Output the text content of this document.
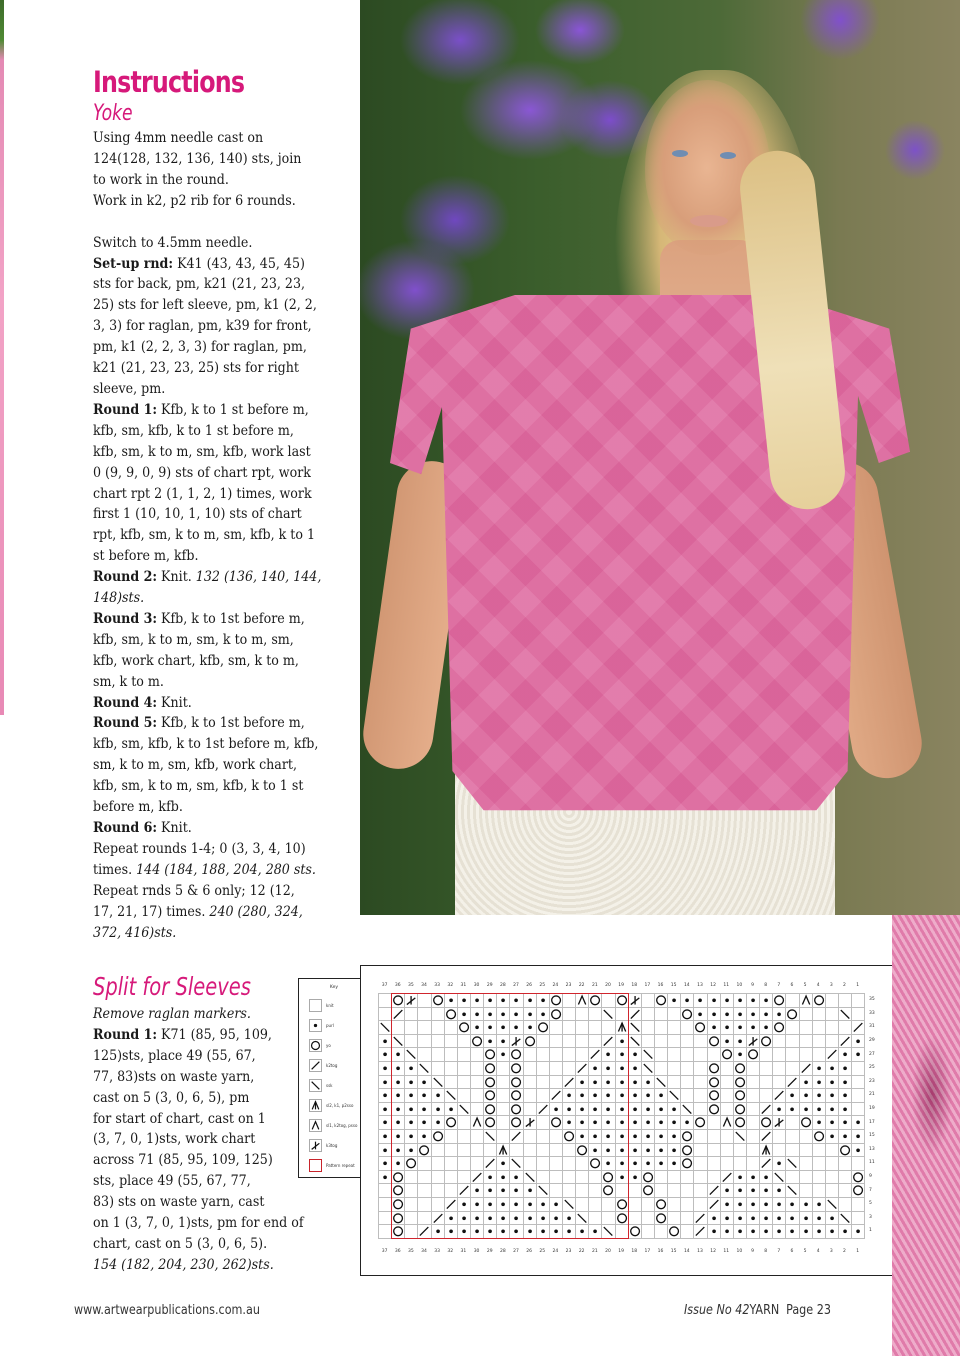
Instructions
Yoke
Using 4mm needle cast on
124(128, 132, 136, 140) sts, join
to work in the round.
Work in k2, p2 rib for 6 rounds.
Switch to 4.5mm needle.
Set-up rnd: K41 (43, 43, 45, 45)
sts for back, pm, k21 (21, 23, 23,
25) sts for left sleeve, pm, k1 (2, 2,
3, 3) for raglan, pm, k39 for front,
pm, k1 (2, 2, 3, 3) for raglan, pm,
k21 (21, 23, 23, 25) sts for right
sleeve, pm.
Round 1: Kfb, k to 1 st before m,
kfb, sm, kfb, k to 1 st before m,
kfb, sm, k to m, sm, kfb, work last
0 (9, 9, 0, 9) sts of chart rpt, work
chart rpt 2 (1, 1, 2, 1) times, work
first 1 (10, 10, 1, 10) sts of chart
rpt, kfb, sm, k to m, sm, kfb, k to 1
st before m, kfb.
Round 2: Knit. 132 (136, 140, 144,
148)sts.
Round 3: Kfb, k to 1st before m,
kfb, sm, k to m, sm, k to m, sm,
kfb, work chart, kfb, sm, k to m,
sm, k to m.
Round 4: Knit.
Round 5: Kfb, k to 1st before m,
kfb, sm, kfb, k to 1st before m, kfb,
sm, k to m, sm, kfb, work chart,
kfb, sm, k to m, sm, kfb, k to 1 st
before m, kfb.
Round 6: Knit.
Repeat rounds 1-4; 0 (3, 3, 4, 10)
times. 144 (184, 188, 204, 280 sts.
Repeat rnds 5 & 6 only; 12 (12,
17, 21, 17) times. 240 (280, 324,
372, 416)sts.
Split for Sleeves
Remove raglan markers.
Round 1: K71 (85, 95, 109,
125)sts, place 49 (55, 67,
77, 83)sts on waste yarn,
cast on 5 (3, 0, 6, 5), pm
for start of chart, cast on 1
(3, 7, 0, 1)sts, work chart
across 71 (85, 95, 109, 125)
sts, place 49 (55, 67, 77,
83) sts on waste yarn, cast
on 1 (3, 7, 0, 1)sts, pm for end of
chart, cast on 5 (3, 0, 6, 5).
154 (182, 204, 230, 262)sts.
Key
knit
purl
yo
k2tog
ssk
sl2, k1, p2sso
sl1, k2tog, psso
k3tog
Pattern repeat
37	36	35	34	33	32	31	30	29	28	27	26	25	24	23	22	21	20	19	18	17	16	15	14	13	12	11	10	9	8	7	6	5	4	3	2	1
37	36	35	34	33	32	31	30	29	28	27	26	25	24	23	22	21	20	19	18	17	16	15	14	13	12	11	10	9	8	7	6	5	4	3	2	1
35
33
31
29
27
25
23
21
19
17
15
13
11
9
7
5
3
1
www.artwearpublications.com.au	Issue No 42YARN Page 23
